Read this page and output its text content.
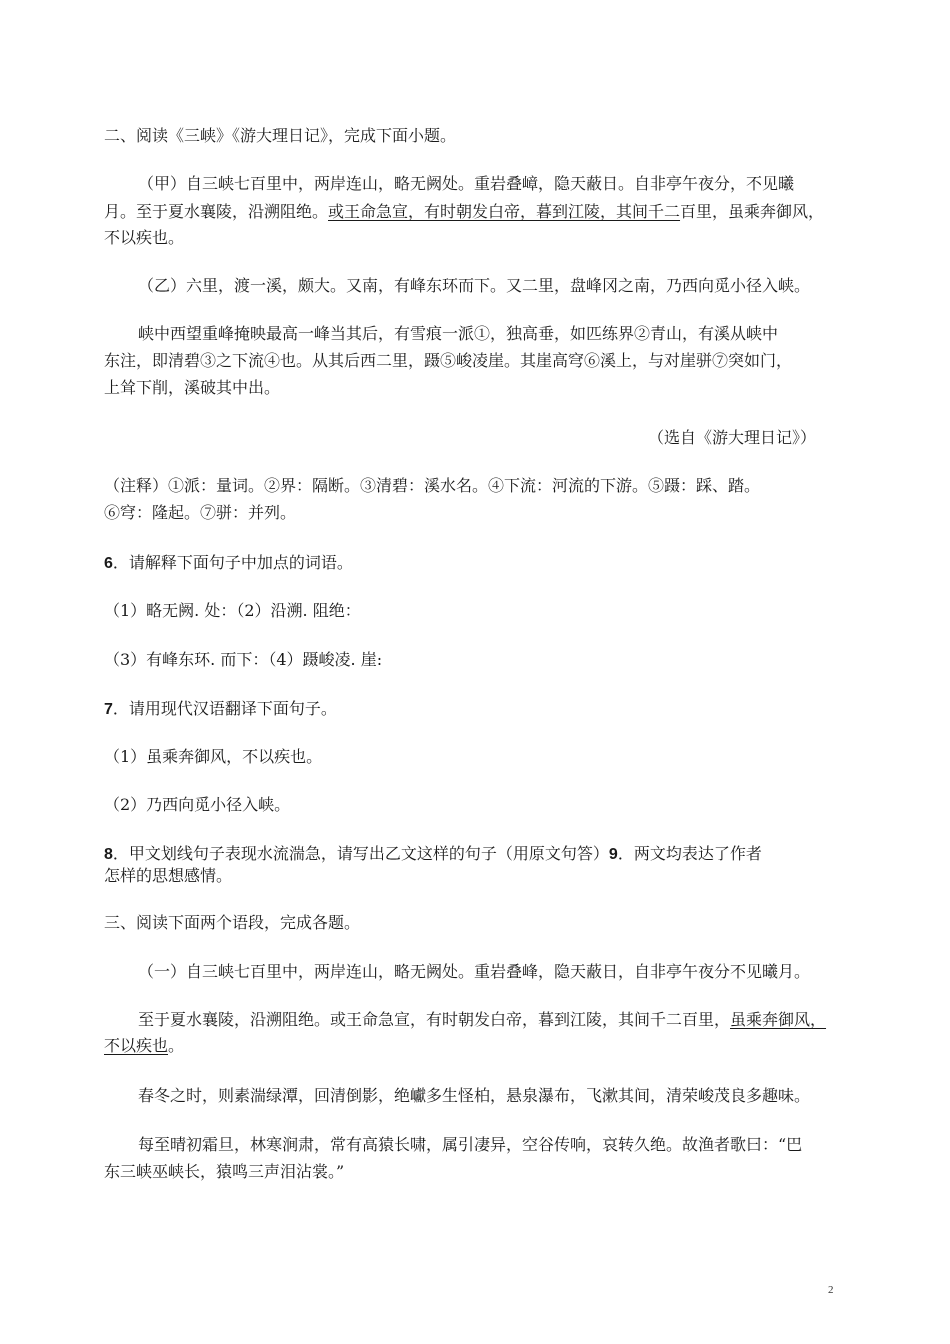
二、阅读《三峡》《游大理日记》，完成下面小题。
（甲）自三峡七百里中，两岸连山，略无阙处。重岩叠嶂，隐天蔽日。自非亭午夜分，不见曦
月。至于夏水襄陵，沿溯阻绝。或王命急宣，有时朝发白帝，暮到江陵，其间千二百里，虽乘奔御风，
不以疾也。
（乙）六里，渡一溪，颇大。又南，有峰东环而下。又二里，盘峰冈之南，乃西向觅小径入峡。
峡中西望重峰掩映最高一峰当其后，有雪痕一派①，独高垂，如匹练界②青山，有溪从峡中
东注，即清碧③之下流④也。从其后西二里，蹑⑤峻凌崖。其崖高穹⑥溪上，与对崖骈⑦突如门，
上耸下削，溪破其中出。
（选自《游大理日记》）
（注释）①派：量词。②界：隔断。③清碧：溪水名。④下流：河流的下游。⑤蹑：踩、踏。
⑥穹：隆起。⑦骈：并列。
6．请解释下面句子中加点的词语。
（1）略无阙. 处：（2）沿溯. 阻绝：
（3）有峰东环. 而下：（4）蹑峻凌. 崖:
7．请用现代汉语翻译下面句子。
（1）虽乘奔御风，不以疾也。
（2）乃西向觅小径入峡。
8．甲文划线句子表现水流湍急，请写出乙文这样的句子（用原文句答）9．两文均表达了作者
怎样的思想感情。
三、阅读下面两个语段，完成各题。
（一）自三峡七百里中，两岸连山，略无阙处。重岩叠峰，隐天蔽日，自非亭午夜分不见曦月。
至于夏水襄陵，沿溯阻绝。或王命急宣，有时朝发白帝，暮到江陵，其间千二百里，虽乘奔御风，
不以疾也。
春冬之时，则素湍绿潭，回清倒影，绝巘多生怪柏，悬泉瀑布，飞漱其间，清荣峻茂良多趣味。
每至晴初霜旦，林寒涧肃，常有高猿长啸，属引凄异，空谷传响，哀转久绝。故渔者歌曰：“巴
东三峡巫峡长，猿鸣三声泪沾裳。”
2
